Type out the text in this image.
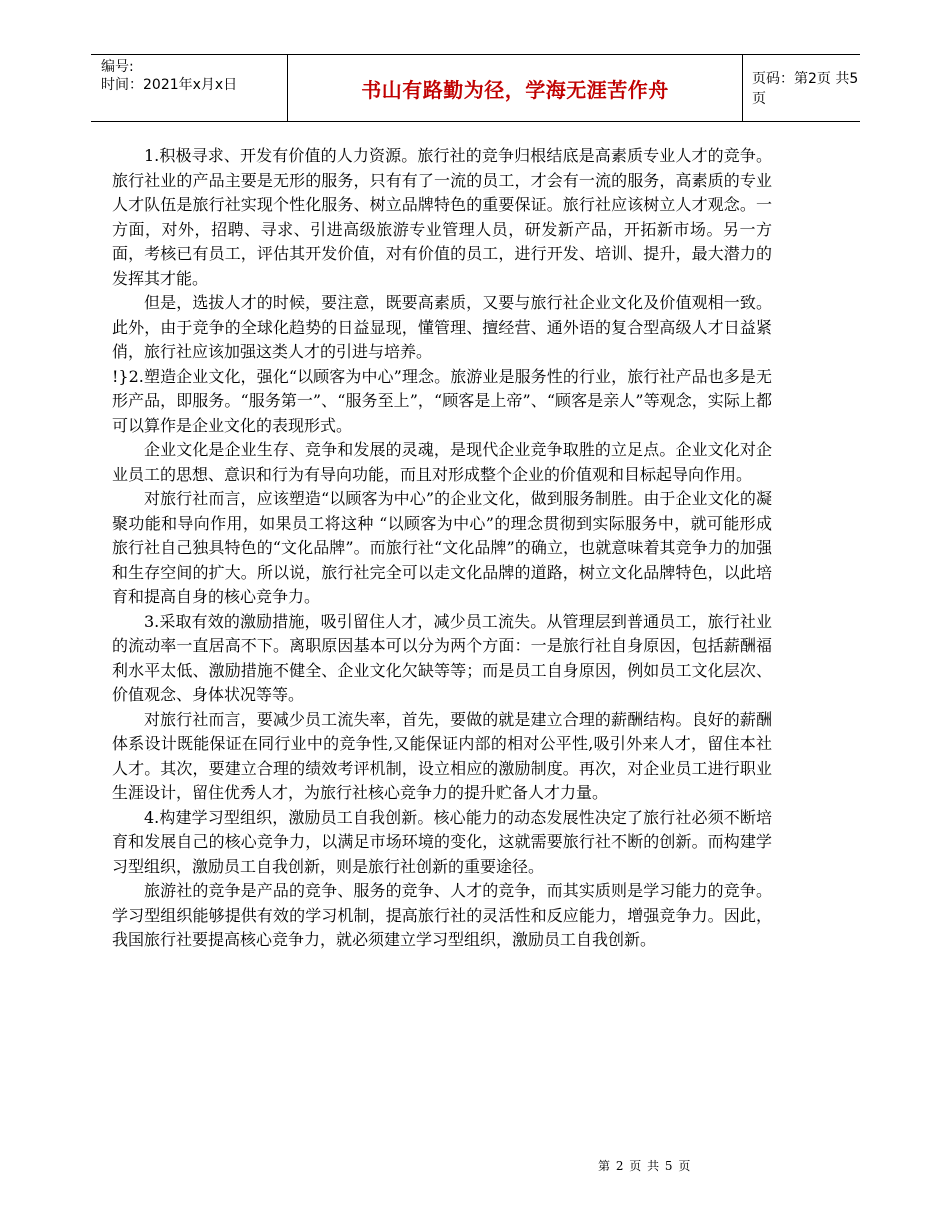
编号:
时间：2021年x月x日	书山有路勤为径，学海无涯苦作舟	页码：第2页 共5页

1.积极寻求、开发有价值的人力资源。旅行社的竞争归根结底是高素质专业人才的竞争。旅行社业的产品主要是无形的服务，只有有了一流的员工，才会有一流的服务，高素质的专业人才队伍是旅行社实现个性化服务、树立品牌特色的重要保证。旅行社应该树立人才观念。一方面，对外，招聘、寻求、引进高级旅游专业管理人员，研发新产品，开拓新市场。另一方面，考核已有员工，评估其开发价值，对有价值的员工，进行开发、培训、提升，最大潜力的发挥其才能。

但是，选拔人才的时候，要注意，既要高素质，又要与旅行社企业文化及价值观相一致。此外，由于竞争的全球化趋势的日益显现，懂管理、擅经营、通外语的复合型高级人才日益紧俏，旅行社应该加强这类人才的引进与培养。

!}2.塑造企业文化，强化“以顾客为中心”理念。旅游业是服务性的行业，旅行社产品也多是无形产品，即服务。“服务第一”、“服务至上”，“顾客是上帝”、“顾客是亲人”等观念，实际上都可以算作是企业文化的表现形式。

企业文化是企业生存、竞争和发展的灵魂，是现代企业竞争取胜的立足点。企业文化对企业员工的思想、意识和行为有导向功能，而且对形成整个企业的价值观和目标起导向作用。

对旅行社而言，应该塑造“以顾客为中心”的企业文化，做到服务制胜。由于企业文化的凝聚功能和导向作用，如果员工将这种 “以顾客为中心”的理念贯彻到实际服务中，就可能形成旅行社自己独具特色的“文化品牌”。而旅行社“文化品牌”的确立，也就意味着其竞争力的加强和生存空间的扩大。所以说，旅行社完全可以走文化品牌的道路，树立文化品牌特色，以此培育和提高自身的核心竞争力。

3.采取有效的激励措施，吸引留住人才，减少员工流失。从管理层到普通员工，旅行社业的流动率一直居高不下。离职原因基本可以分为两个方面：一是旅行社自身原因，包括薪酬福利水平太低、激励措施不健全、企业文化欠缺等等；而是员工自身原因，例如员工文化层次、价值观念、身体状况等等。

对旅行社而言，要减少员工流失率，首先，要做的就是建立合理的薪酬结构。良好的薪酬体系设计既能保证在同行业中的竞争性,又能保证内部的相对公平性,吸引外来人才，留住本社人才。其次，要建立合理的绩效考评机制，设立相应的激励制度。再次，对企业员工进行职业生涯设计，留住优秀人才，为旅行社核心竞争力的提升贮备人才力量。

4.构建学习型组织，激励员工自我创新。核心能力的动态发展性决定了旅行社必须不断培育和发展自己的核心竞争力，以满足市场环境的变化，这就需要旅行社不断的创新。而构建学习型组织，激励员工自我创新，则是旅行社创新的重要途径。

旅游社的竞争是产品的竞争、服务的竞争、人才的竞争，而其实质则是学习能力的竞争。学习型组织能够提供有效的学习机制，提高旅行社的灵活性和反应能力，增强竞争力。因此，我国旅行社要提高核心竞争力，就必须建立学习型组织，激励员工自我创新。

第 2 页 共 5 页
